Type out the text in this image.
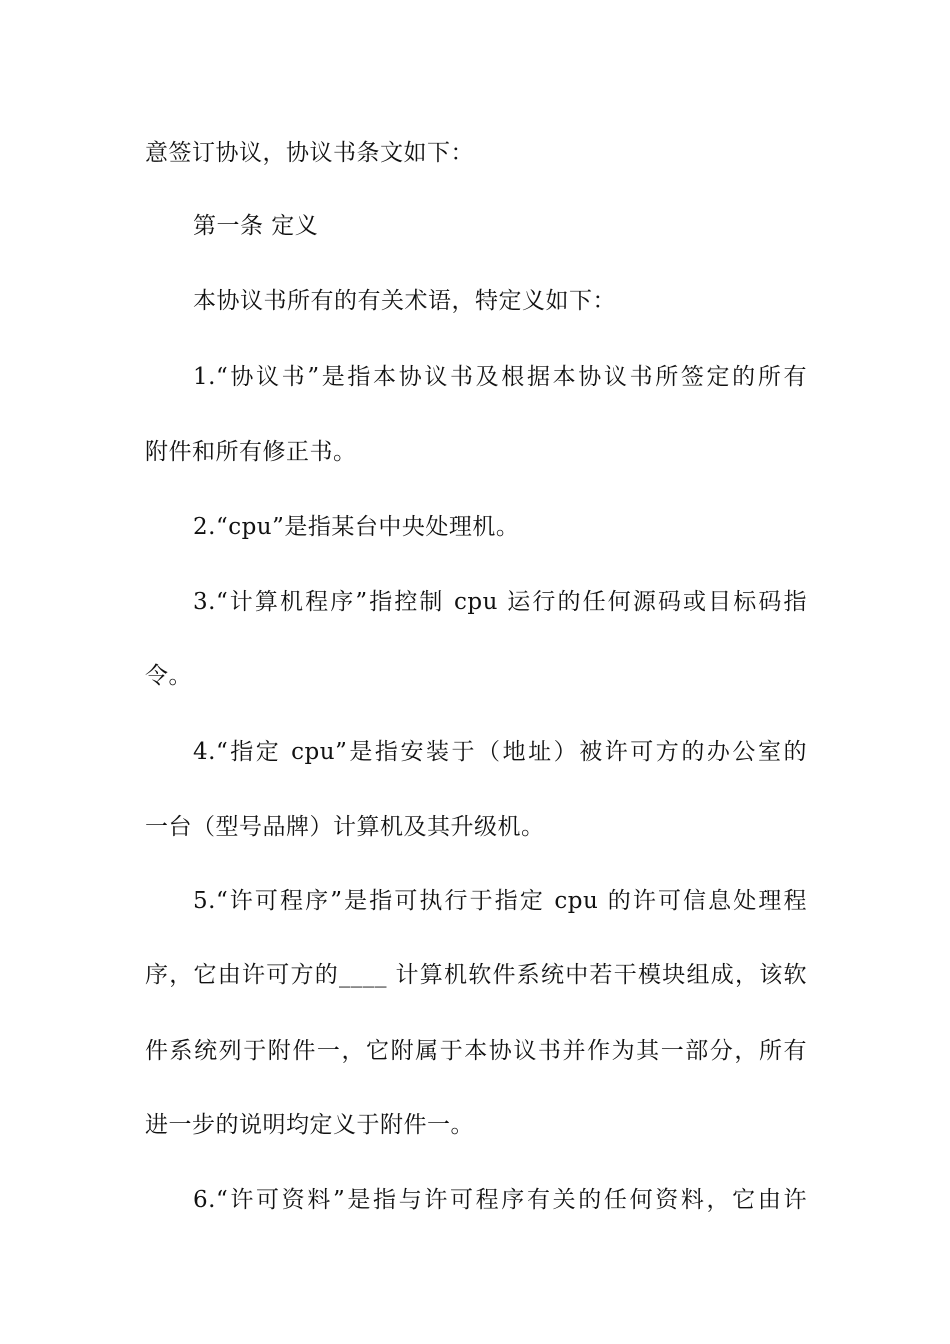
意签订协议，协议书条文如下：
第一条 定义
本协议书所有的有关术语，特定义如下：
1.“协议书”是指本协议书及根据本协议书所签定的所有
附件和所有修正书。
2.“cpu”是指某台中央处理机。
3.“计算机程序”指控制 cpu 运行的任何源码或目标码指
令。
4.“指定 cpu”是指安装于（地址）被许可方的办公室的
一台（型号品牌）计算机及其升级机。
5.“许可程序”是指可执行于指定 cpu 的许可信息处理程
序，它由许可方的____ 计算机软件系统中若干模块组成，该软
件系统列于附件一，它附属于本协议书并作为其一部分，所有
进一步的说明均定义于附件一。
6.“许可资料”是指与许可程序有关的任何资料，它由许
